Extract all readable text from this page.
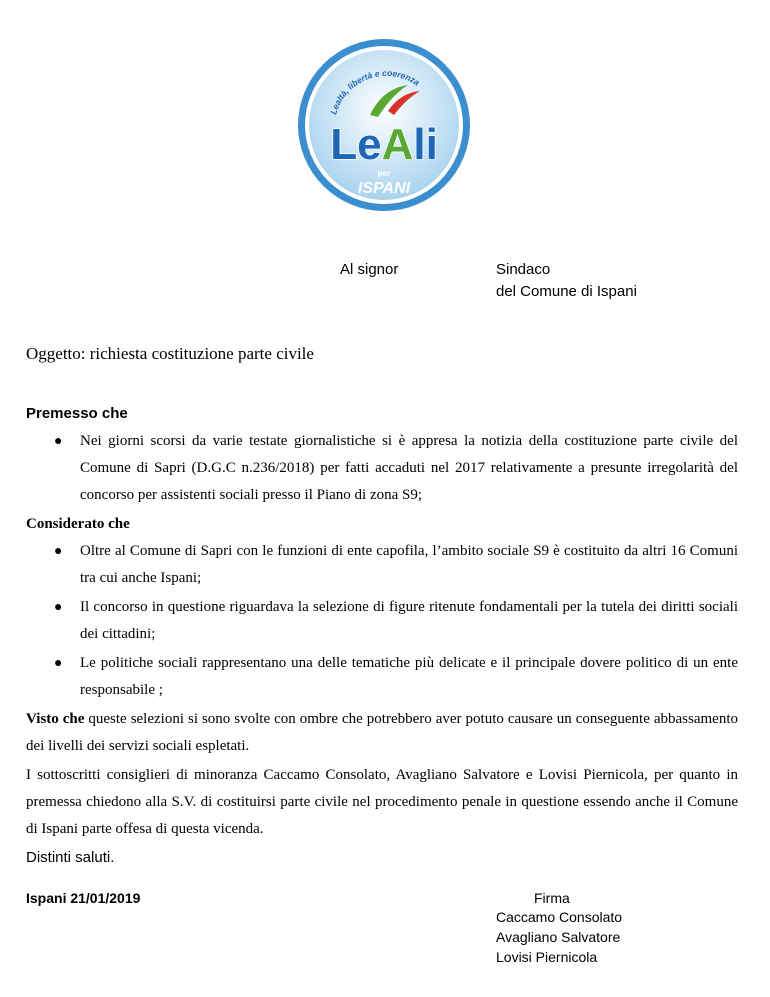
Lealtà, libertà e coerenza
LeAli
per
ISPANI
Al signor	Sindaco
del Comune di Ispani
Oggetto: richiesta costituzione parte civile
Premesso che
● Nei giorni scorsi da varie testate giornalistiche si è appresa la notizia della costituzione parte civile del Comune di Sapri (D.G.C n.236/2018) per fatti accaduti nel 2017 relativamente a presunte irregolarità del concorso per assistenti sociali presso il Piano di zona S9;
Considerato che
● Oltre al Comune di Sapri con le funzioni di ente capofila, l’ambito sociale S9 è costituito da altri 16 Comuni tra cui anche Ispani;
● Il concorso in questione riguardava la selezione di figure ritenute fondamentali per la tutela dei diritti sociali dei cittadini;
● Le politiche sociali rappresentano una delle tematiche più delicate e il principale dovere politico di un ente responsabile ;
Visto che queste selezioni si sono svolte con ombre che potrebbero aver potuto causare un conseguente abbassamento dei livelli dei servizi sociali espletati.
I sottoscritti consiglieri di minoranza Caccamo Consolato, Avagliano Salvatore e Lovisi Piernicola, per quanto in premessa chiedono alla S.V. di costituirsi parte civile nel procedimento penale in questione essendo anche il Comune di Ispani parte offesa di questa vicenda.
Distinti saluti.
Ispani 21/01/2019	Firma
Caccamo Consolato
Avagliano Salvatore
Lovisi Piernicola
